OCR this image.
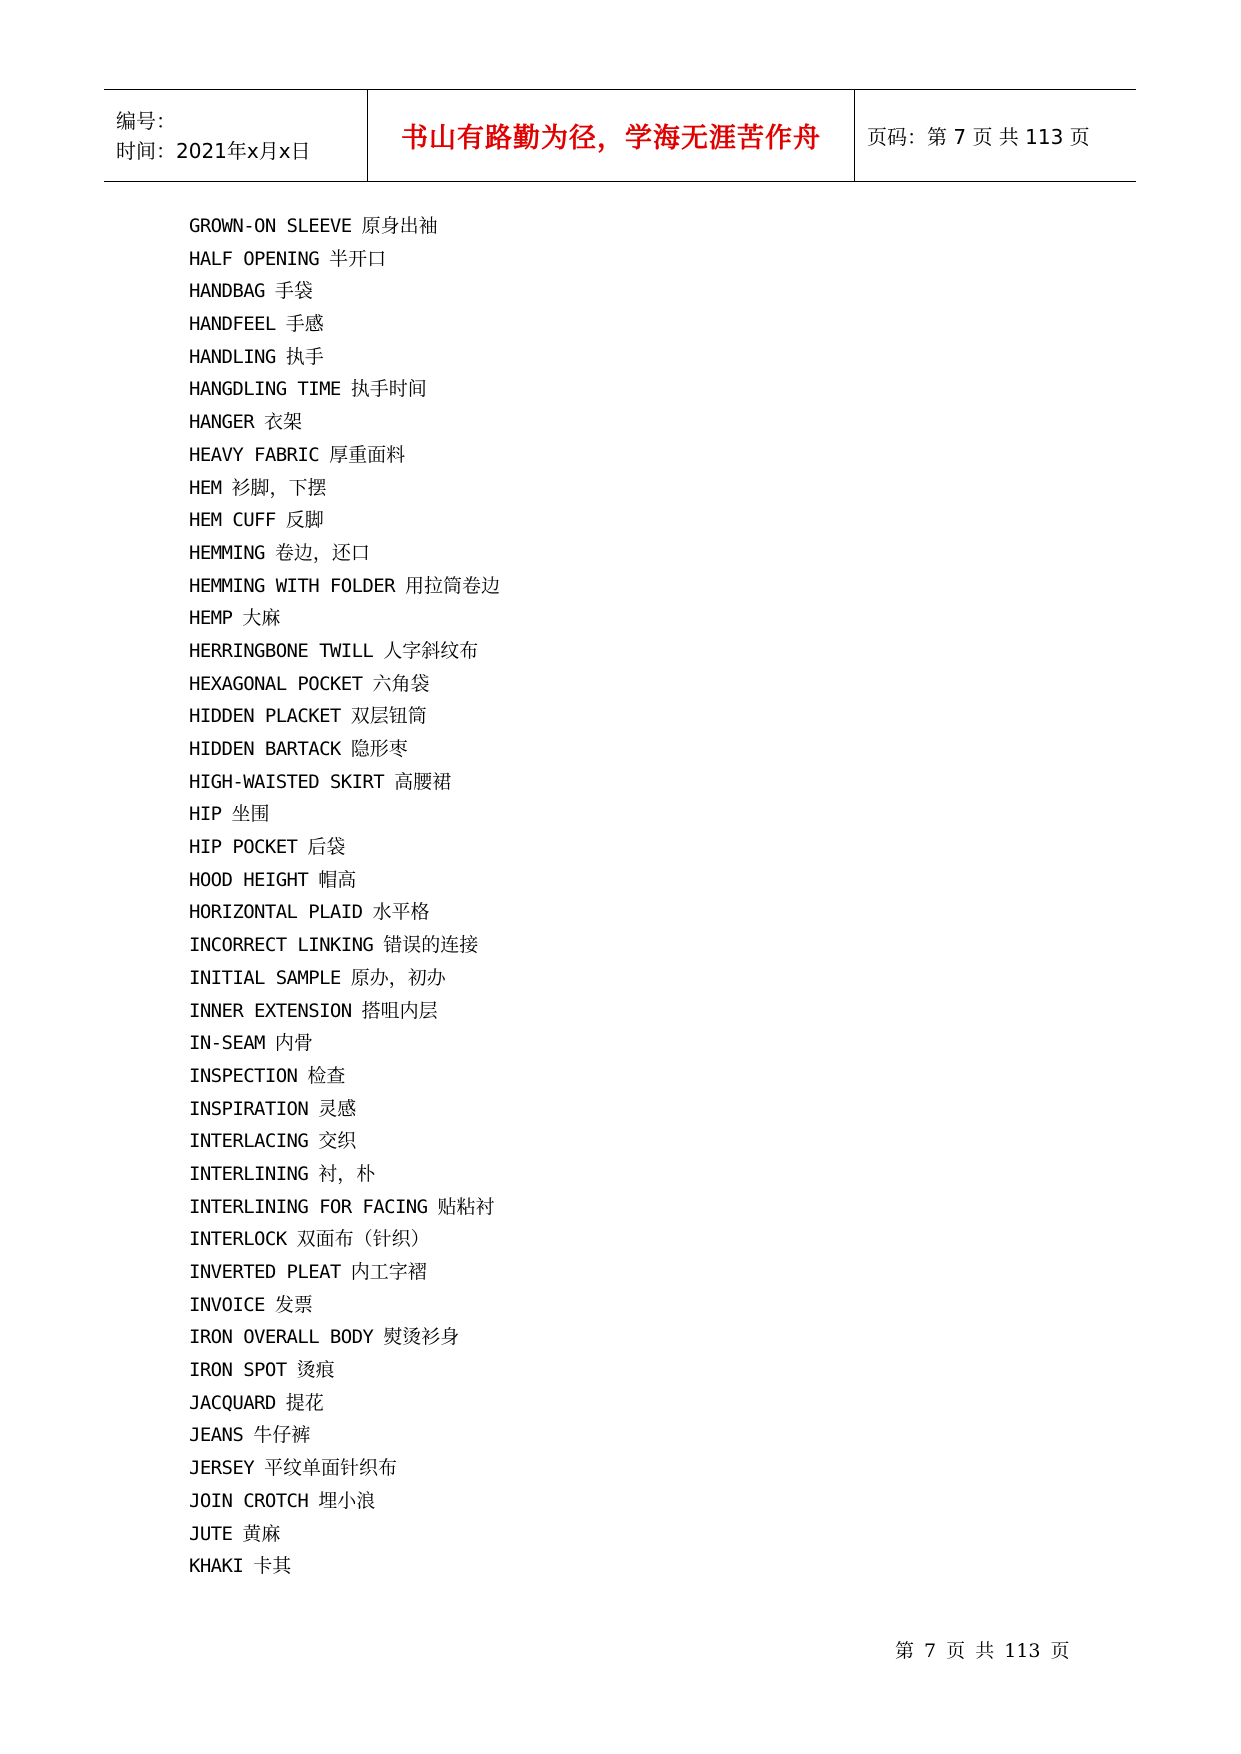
编号：
时间：2021年x月x日	书山有路勤为径，学海无涯苦作舟 页码：第 7 页 共 113 页
GROWN-ON SLEEVE 原身出袖
HALF OPENING 半开口
HANDBAG 手袋
HANDFEEL 手感
HANDLING 执手
HANGDLING TIME 执手时间
HANGER 衣架
HEAVY FABRIC 厚重面料
HEM 衫脚，下摆
HEM CUFF 反脚
HEMMING 卷边，还口
HEMMING WITH FOLDER 用拉筒卷边
HEMP 大麻
HERRINGBONE TWILL 人字斜纹布
HEXAGONAL POCKET 六角袋
HIDDEN PLACKET 双层钮筒
HIDDEN BARTACK 隐形枣
HIGH-WAISTED SKIRT 高腰裙
HIP 坐围
HIP POCKET 后袋
HOOD HEIGHT 帽高
HORIZONTAL PLAID 水平格
INCORRECT LINKING 错误的连接
INITIAL SAMPLE 原办，初办
INNER EXTENSION 搭咀内层
IN-SEAM 内骨
INSPECTION 检查
INSPIRATION 灵感
INTERLACING 交织
INTERLINING 衬，朴
INTERLINING FOR FACING 贴粘衬
INTERLOCK 双面布（针织）
INVERTED PLEAT 内工字褶
INVOICE 发票
IRON OVERALL BODY 熨烫衫身
IRON SPOT 烫痕
JACQUARD 提花
JEANS 牛仔裤
JERSEY 平纹单面针织布
JOIN CROTCH 埋小浪
JUTE 黄麻
KHAKI 卡其
第 7 页 共 113 页
